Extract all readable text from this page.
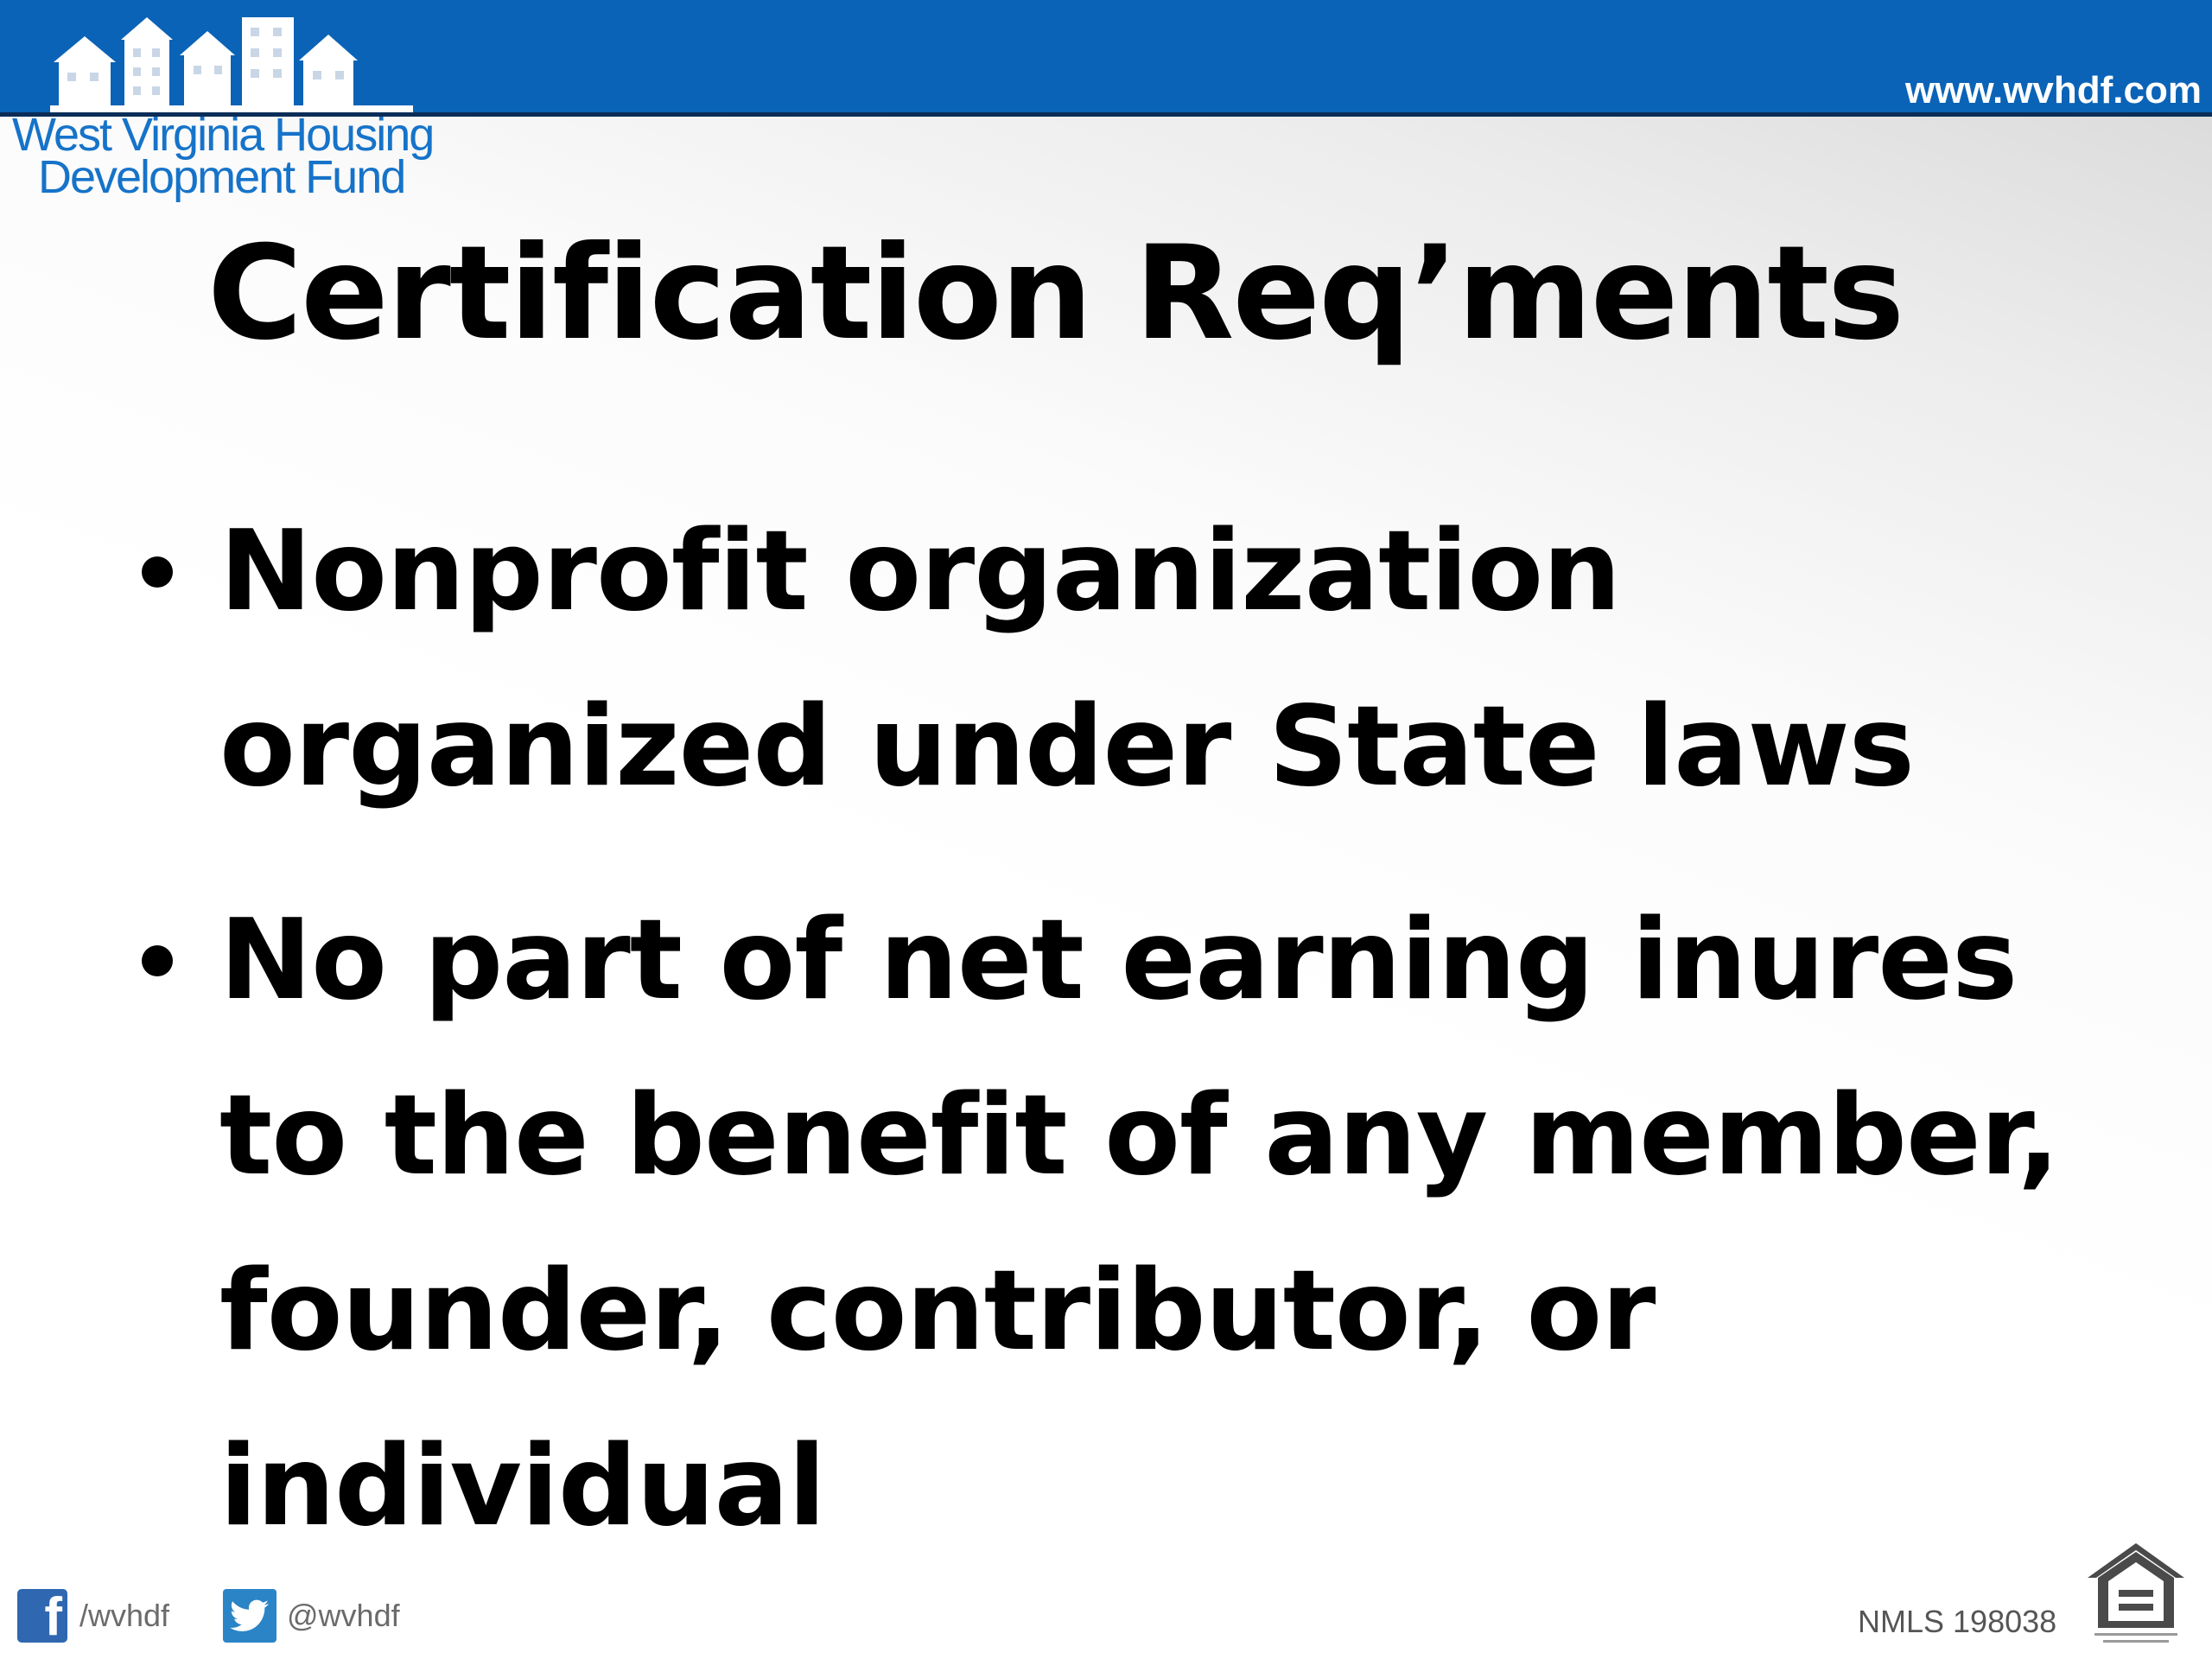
www.wvhdf.com
West Virginia Housing
Development Fund
Certification Req’ments
Nonprofit organization organized under State laws
No part of net earning inures to the benefit of any member, founder, contributor, or individual
f /wvhdf	@wvhdf	NMLS 198038
